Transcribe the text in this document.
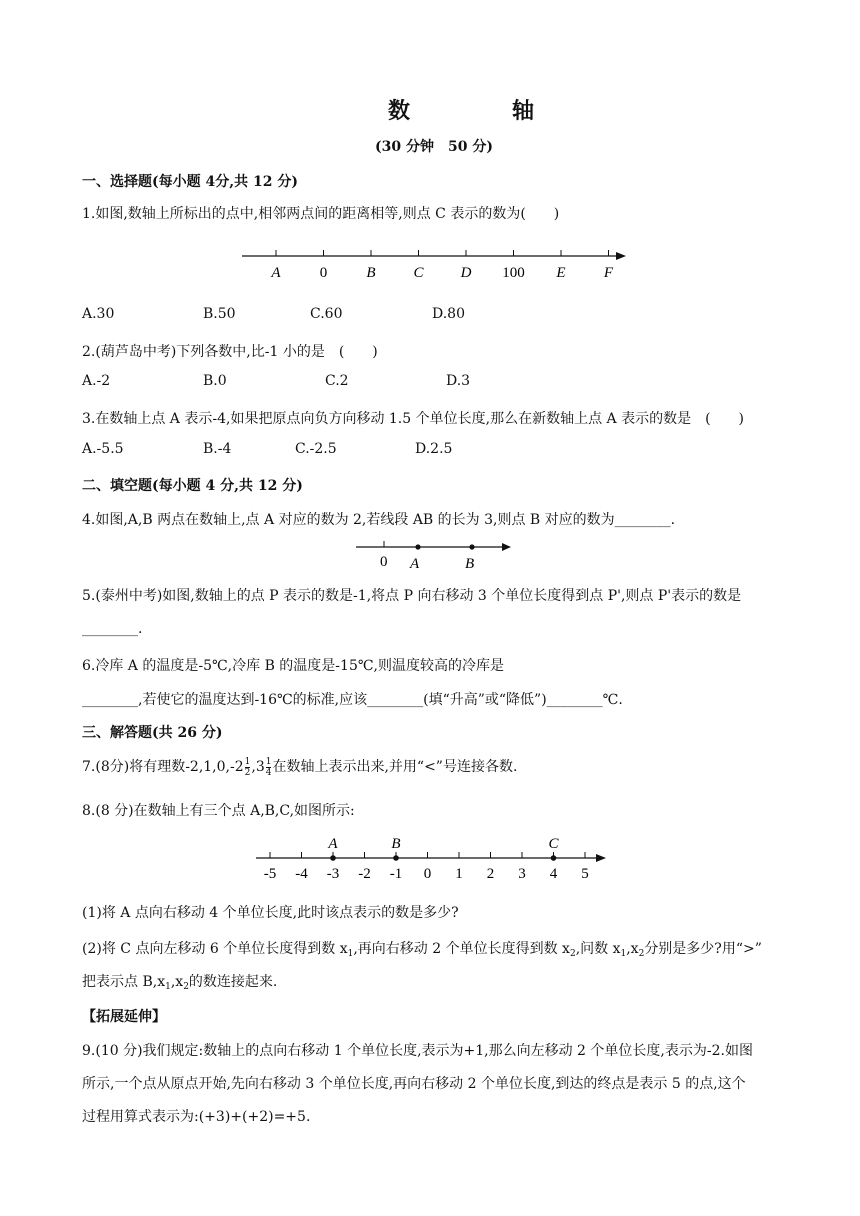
数　轴
(30 分钟　50 分)
一、选择题(每小题 4分,共 12 分)
1.如图,数轴上所标出的点中,相邻两点间的距离相等,则点 C 表示的数为(　　)
A	0	B	C D 100 E	F
A.30	B.50	C.60	D.80
2.(葫芦岛中考)下列各数中,比-1 小的是　(　　)
A.-2	B.0	C.2	D.3
3.在数轴上点 A 表示-4,如果把原点向负方向移动 1.5 个单位长度,那么在新数轴上点 A 表示的数是　(　　)
A.-5.5	B.-4	C.-2.5	D.2.5
二、填空题(每小题 4 分,共 12 分)
4.如图,A,B 两点在数轴上,点 A 对应的数为 2,若线段 AB 的长为 3,则点 B 对应的数为________.
0 A	B
5.(泰州中考)如图,数轴上的点 P 表示的数是-1,将点 P 向右移动 3 个单位长度得到点 P',则点 P'表示的数是
________.
6.冷库 A 的温度是-5℃,冷库 B 的温度是-15℃,则温度较高的冷库是
________,若使它的温度达到-16℃的标准,应该________(填“升高”或“降低”)________℃.
三、解答题(共 26 分)
7.(8分)将有理数$-2,1,0,-2 \frac{1}{2} ,3 \frac{1}{4}$ 在数轴上表示出来,并用“<”号连接各数.
8.(8 分)在数轴上有三个点 A,B,C,如图所示:
-5 -4 -3 -2 -1 0 1 2 3 4 5
A	B	C
(1)将 A 点向右移动 4 个单位长度,此时该点表示的数是多少?
(2)将 C 点向左移动 6 个单位长度得到数 $x_1$,再向右移动 2 个单位长度得到数 $x_2$,问数 $x_1,x_2$分别是多少?用“>”
把表示点 $B,x_1,x_2$的数连接起来.
【拓展延伸】
9.(10 分)我们规定:数轴上的点向右移动 1 个单位长度,表示为+1,那么向左移动 2 个单位长度,表示为-2.如图
所示,一个点从原点开始,先向右移动 3 个单位长度,再向右移动 2 个单位长度,到达的终点是表示 5 的点,这个
过程用算式表示为:(+3)+(+2)=+5.
